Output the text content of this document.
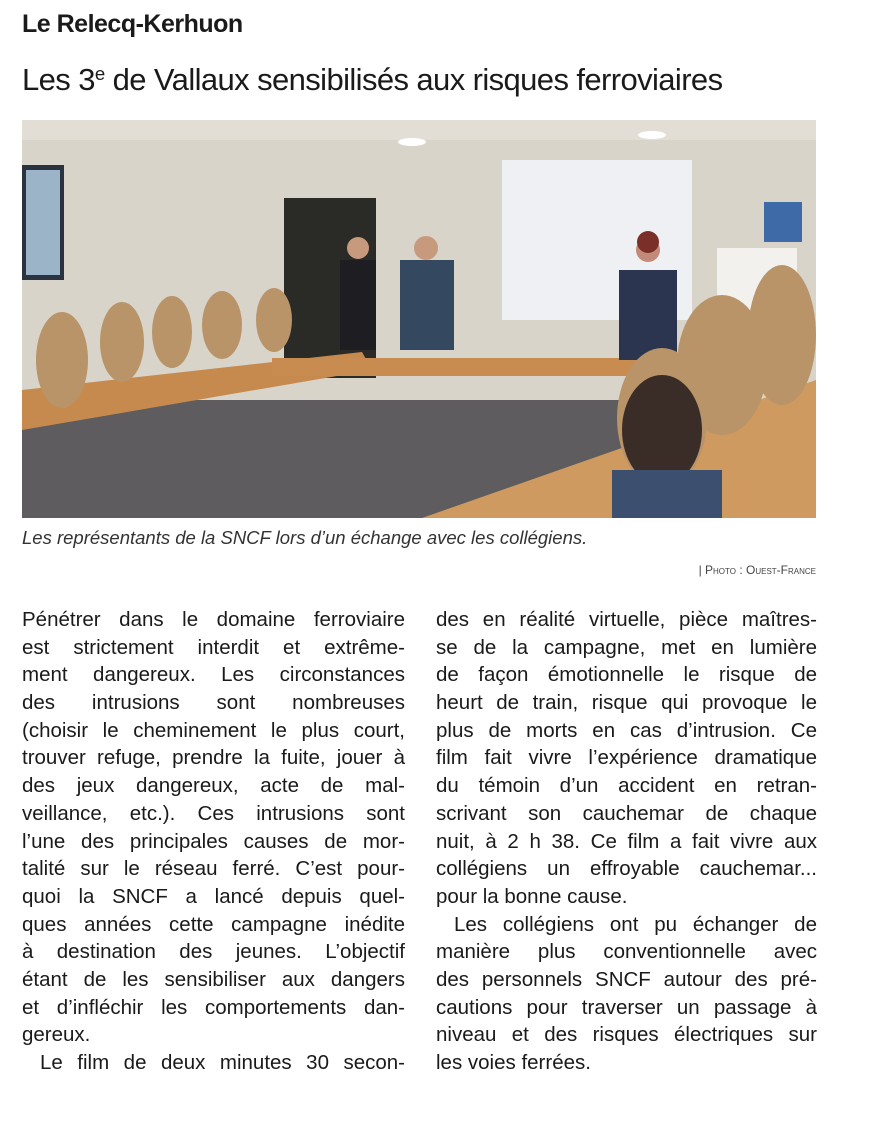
Le Relecq-Kerhuon
Les 3e de Vallaux sensibilisés aux risques ferroviaires
Les représentants de la SNCF lors d’un échange avec les collégiens.
| Photo : Ouest-France
Pénétrer dans le domaine ferroviaire
est strictement interdit et extrême-
ment dangereux. Les circonstances
des intrusions sont nombreuses
(choisir le cheminement le plus court,
trouver refuge, prendre la fuite, jouer à
des jeux dangereux, acte de mal-
veillance, etc.). Ces intrusions sont
l’une des principales causes de mor-
talité sur le réseau ferré. C’est pour-
quoi la SNCF a lancé depuis quel-
ques années cette campagne inédite
à destination des jeunes. L’objectif
étant de les sensibiliser aux dangers
et d’infléchir les comportements dan-
gereux.
Le film de deux minutes 30 secon-
des en réalité virtuelle, pièce maîtres-
se de la campagne, met en lumière
de façon émotionnelle le risque de
heurt de train, risque qui provoque le
plus de morts en cas d’intrusion. Ce
film fait vivre l’expérience dramatique
du témoin d’un accident en retran-
scrivant son cauchemar de chaque
nuit, à 2 h 38. Ce film a fait vivre aux
collégiens un effroyable cauchemar...
pour la bonne cause.
Les collégiens ont pu échanger de
manière plus conventionnelle avec
des personnels SNCF autour des pré-
cautions pour traverser un passage à
niveau et des risques électriques sur
les voies ferrées.
